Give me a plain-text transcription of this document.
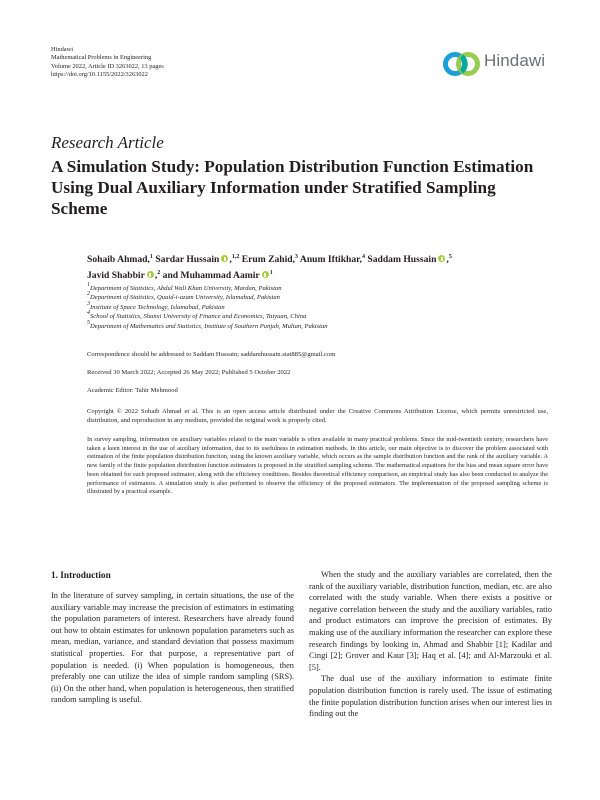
Hindawi
Mathematical Problems in Engineering
Volume 2022, Article ID 3263022, 13 pages
https://doi.org/10.1155/2022/3263022
Hindawi
Research Article
A Simulation Study: Population Distribution Function Estimation Using Dual Auxiliary Information under Stratified Sampling Scheme
Sohaib Ahmad,$^1$ Sardar Hussain ,$^{1,2}$ Erum Zahid,$^3$ Anum Iftikhar,$^4$ Saddam Hussain ,$^5$
Javid Shabbir ,$^2$ and Muhammad Aamir $^1$
$^1$Department of Statistics, Abdul Wali Khan University, Mardan, Pakistan
$^2$Department of Statistics, Quaid-i-azam University, Islamabad, Pakistan
$^3$Institute of Space Technology, Islamabad, Pakistan
$^4$School of Statistics, Shanxi University of Finance and Economics, Taiyuan, China
$^5$Department of Mathematics and Statistics, Institute of Southern Punjab, Multan, Pakistan
Correspondence should be addressed to Saddam Hussain; saddamhussain.stat885@gmail.com
Received 30 March 2022; Accepted 26 May 2022; Published 5 October 2022
Academic Editor: Tahir Mehmood
Copyright © 2022 Sohaib Ahmad et al. This is an open access article distributed under the Creative Commons Attribution License, which permits unrestricted use, distribution, and reproduction in any medium, provided the original work is properly cited.
In survey sampling, information on auxiliary variables related to the main variable is often available in many practical problems. Since the mid-twentieth century, researchers have taken a keen interest in the use of auxiliary information, due to its usefulness in estimation methods. In this article, our main objective is to discover the problem associated with estimation of the finite population distribution function, using the known auxiliary variable, which occurs as the sample distribution function and the rank of the auxiliary variable. A new family of the finite population distribution function estimators is proposed in the stratified sampling scheme. The mathematical equations for the bias and mean square error have been obtained for each proposed estimator, along with the efficiency conditions. Besides theoretical efficiency comparison, an empirical study has also been conducted to analyze the performance of estimators. A simulation study is also performed to observe the efficiency of the proposed estimators. The implementation of the proposed sampling scheme is illustrated by a practical example.
1. Introduction

In the literature of survey sampling, in certain situations, the use of the auxiliary variable may increase the precision of estimators in estimating the population parameters of interest. Researchers have already found out how to obtain estimates for unknown population parameters such as mean, median, variance, and standard deviation that possess maximum statistical properties. For that purpose, a representative part of population is needed. (i) When population is homogeneous, then preferably one can utilize the idea of simple random sampling (SRS). (ii) On the other hand, when population is heterogeneous, then stratified random sampling is useful.

When the study and the auxiliary variables are correlated, then the rank of the auxiliary variable, distribution function, median, etc. are also correlated with the study variable. When there exists a positive or negative correlation between the study and the auxiliary variables, ratio and product estimators can improve the precision of estimates. By making use of the auxiliary information the researcher can explore these research findings by looking in, Ahmad and Shabbir [1]; Kadilar and Cingi [2]; Grover and Kaur [3]; Haq et al. [4]; and Al-Marzouki et al. [5].

The dual use of the auxiliary information to estimate finite population distribution function is rarely used. The issue of estimating the finite population distribution function arises when our interest lies in finding out the
